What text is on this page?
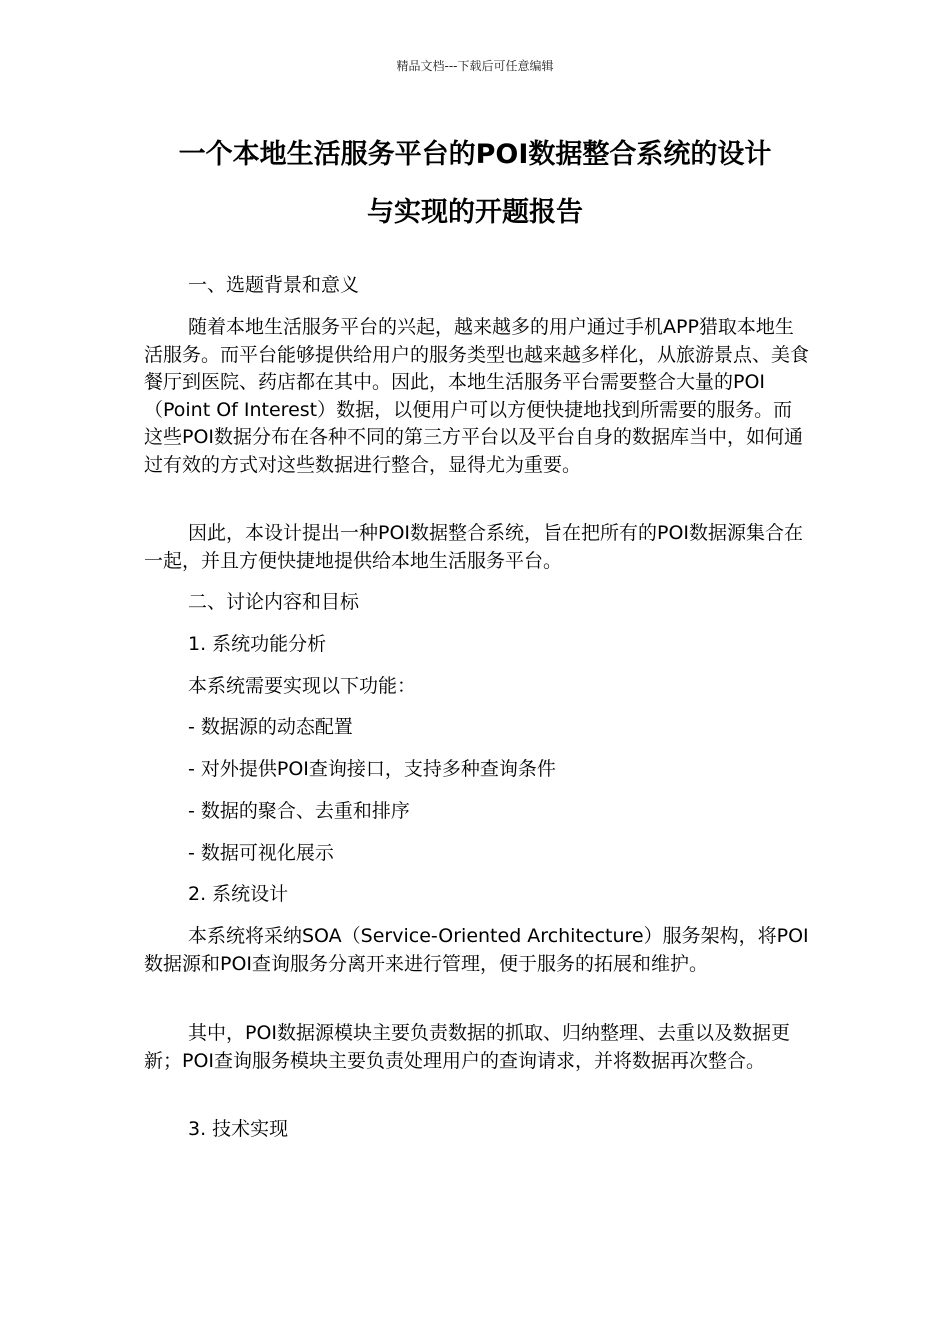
精品文档---下载后可任意编辑
一个本地生活服务平台的POI数据整合系统的设计
与实现的开题报告
一、选题背景和意义
随着本地生活服务平台的兴起，越来越多的用户通过手机APP猎取本地生活服务。而平台能够提供给用户的服务类型也越来越多样化，从旅游景点、美食餐厅到医院、药店都在其中。因此，本地生活服务平台需要整合大量的POI（Point Of Interest）数据，以便用户可以方便快捷地找到所需要的服务。而这些POI数据分布在各种不同的第三方平台以及平台自身的数据库当中，如何通过有效的方式对这些数据进行整合，显得尤为重要。
因此，本设计提出一种POI数据整合系统，旨在把所有的POI数据源集合在一起，并且方便快捷地提供给本地生活服务平台。
二、讨论内容和目标
1. 系统功能分析
本系统需要实现以下功能：
- 数据源的动态配置
- 对外提供POI查询接口，支持多种查询条件
- 数据的聚合、去重和排序
- 数据可视化展示
2. 系统设计
本系统将采纳SOA（Service-Oriented Architecture）服务架构，将POI数据源和POI查询服务分离开来进行管理，便于服务的拓展和维护。
其中，POI数据源模块主要负责数据的抓取、归纳整理、去重以及数据更新；POI查询服务模块主要负责处理用户的查询请求，并将数据再次整合。
3. 技术实现
